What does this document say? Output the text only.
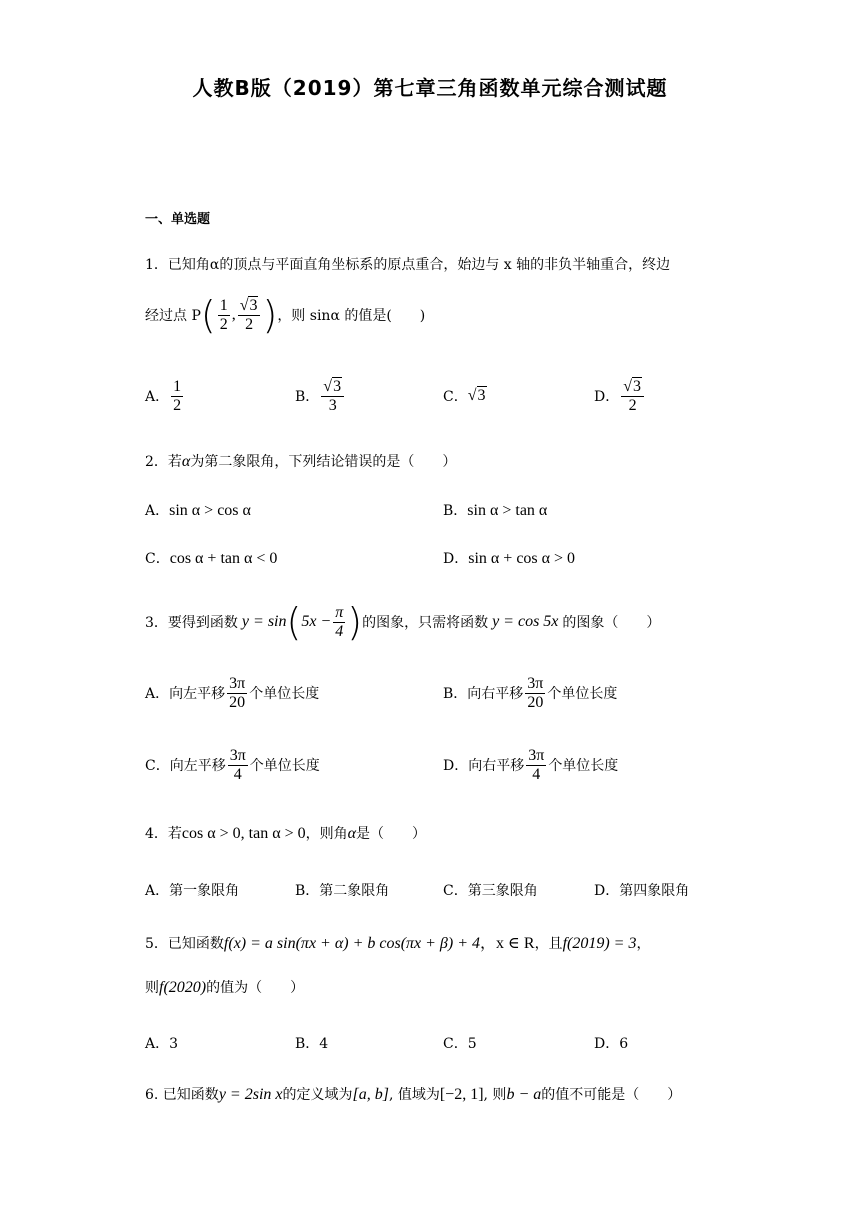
人教B版（2019）第七章三角函数单元综合测试题
一、单选题
1．已知角α的顶点与平面直角坐标系的原点重合，始边与 x 轴的非负半轴重合，终边
经过点 P ( $\frac{1}{2}$ , $\frac{√3}{2}$ ) ，则 sinα 的值是(　　)
A． $\frac{1}{2}$	B． $\frac{√3}{3}$	C． √3	D． $\frac{√3}{2}$
2．若α为第二象限角，下列结论错误的是（　　）
A．sin α > cos α	B．sin α > tan α
C．cos α + tan α < 0	D．sin α + cos α > 0
3．要得到函数 y = sin ( $5x - \frac{\pi}{4}$ ) 的图象，只需将函数 y = cos 5x 的图象（　　）
A．向左平移 $\frac{3\pi}{20}$ 个单位长度	B．向右平移 $\frac{3\pi}{20}$ 个单位长度
C．向左平移 $\frac{3\pi}{4}$ 个单位长度	D．向右平移 $\frac{3\pi}{4}$ 个单位长度
4．若cos α > 0, tan α > 0，则角α是（　　）
A．第一象限角	B．第二象限角	C．第三象限角	D．第四象限角
5．已知函数f(x) = a sin(πx + α) + b cos(πx + β) + 4，x ∈ R，且f(2019) = 3，
则f(2020)的值为（　　）
A．3	B．4	C．5	D．6
6. 已知函数y = 2sin x的定义域为[a, b], 值域为[−2, 1], 则b − a的值不可能是（　　）
